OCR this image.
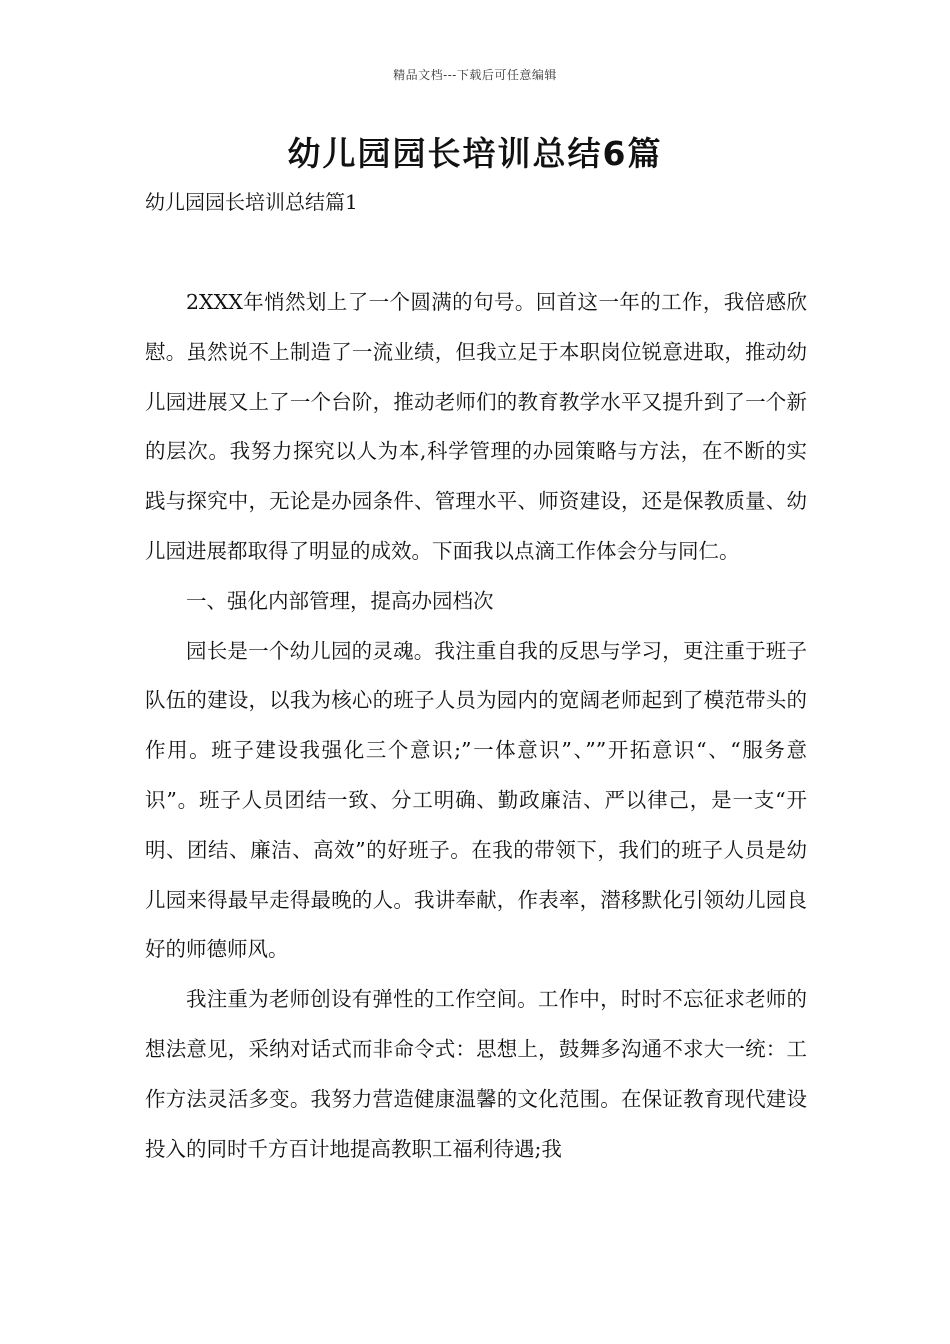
精品文档---下载后可任意编辑
幼儿园园长培训总结6篇
幼儿园园长培训总结篇1

2XXX年悄然划上了一个圆满的句号。回首这一年的工作，我倍感欣慰。虽然说不上制造了一流业绩，但我立足于本职岗位锐意进取，推动幼儿园进展又上了一个台阶，推动老师们的教育教学水平又提升到了一个新的层次。我努力探究以人为本,科学管理的办园策略与方法，在不断的实践与探究中，无论是办园条件、管理水平、师资建设，还是保教质量、幼儿园进展都取得了明显的成效。下面我以点滴工作体会分与同仁。

一、强化内部管理，提高办园档次

园长是一个幼儿园的灵魂。我注重自我的反思与学习，更注重于班子队伍的建设，以我为核心的班子人员为园内的宽阔老师起到了模范带头的作用。班子建设我强化三个意识;”一体意识”、””开拓意识“、“服务意识”。班子人员团结一致、分工明确、勤政廉洁、严以律己，是一支“开明、团结、廉洁、高效”的好班子。在我的带领下，我们的班子人员是幼儿园来得最早走得最晚的人。我讲奉献，作表率，潜移默化引领幼儿园良好的师德师风。

我注重为老师创设有弹性的工作空间。工作中，时时不忘征求老师的想法意见，采纳对话式而非命令式：思想上，鼓舞多沟通不求大一统：工作方法灵活多变。我努力营造健康温馨的文化范围。在保证教育现代建设投入的同时千方百计地提高教职工福利待遇;我
